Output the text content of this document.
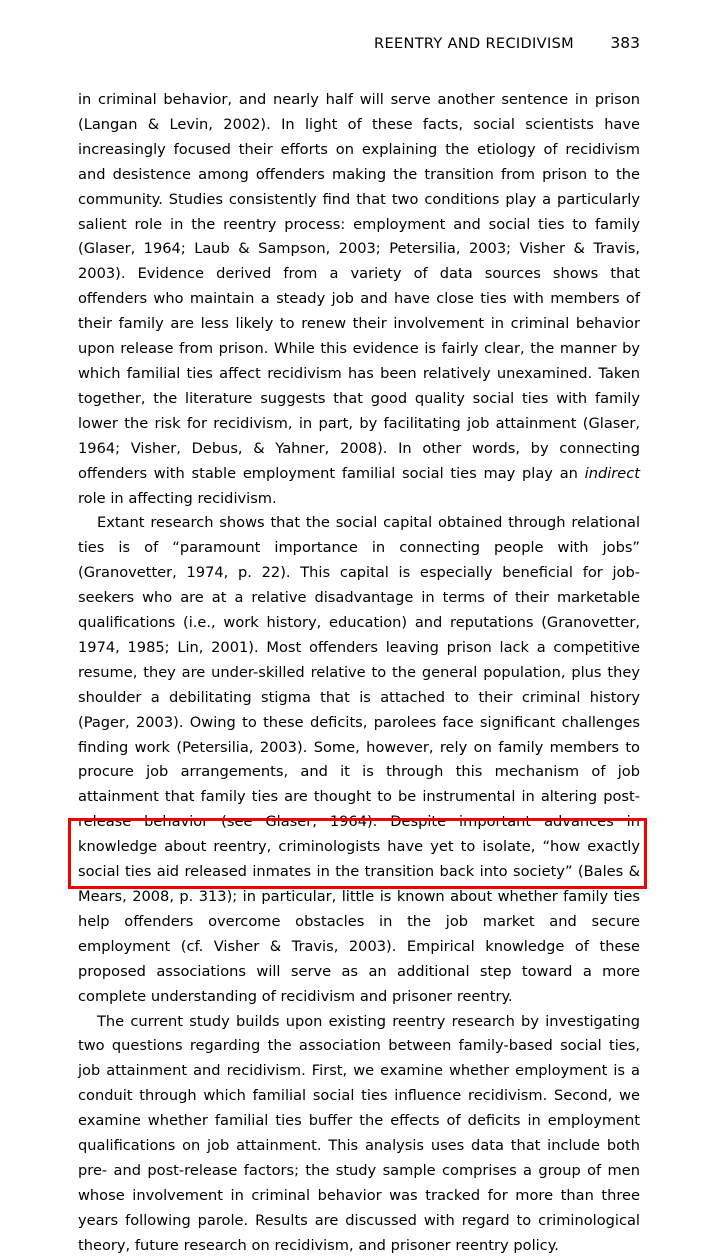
REENTRY AND RECIDIVISM 383

in criminal behavior, and nearly half will serve another sentence in prison (Langan & Levin, 2002). In light of these facts, social scientists have increasingly focused their efforts on explaining the etiology of recidivism and desistence among offenders making the transition from prison to the community. Studies consistently find that two conditions play a particularly salient role in the reentry process: employment and social ties to family (Glaser, 1964; Laub & Sampson, 2003; Petersilia, 2003; Visher & Travis, 2003). Evidence derived from a variety of data sources shows that offenders who maintain a steady job and have close ties with members of their family are less likely to renew their involvement in criminal behavior upon release from prison. While this evidence is fairly clear, the manner by which familial ties affect recidivism has been relatively unexamined. Taken together, the literature suggests that good quality social ties with family lower the risk for recidivism, in part, by facilitating job attainment (Glaser, 1964; Visher, Debus, & Yahner, 2008). In other words, by connecting offenders with stable employment familial social ties may play an indirect role in affecting recidivism.

Extant research shows that the social capital obtained through relational ties is of “paramount importance in connecting people with jobs” (Granovetter, 1974, p. 22). This capital is especially beneficial for job-seekers who are at a relative disadvantage in terms of their marketable qualifications (i.e., work history, education) and reputations (Granovetter, 1974, 1985; Lin, 2001). Most offenders leaving prison lack a competitive resume, they are under-skilled relative to the general population, plus they shoulder a debilitating stigma that is attached to their criminal history (Pager, 2003). Owing to these deficits, parolees face significant challenges finding work (Petersilia, 2003). Some, however, rely on family members to procure job arrangements, and it is through this mechanism of job attainment that family ties are thought to be instrumental in altering post-release behavior (see Glaser, 1964). Despite important advances in knowledge about reentry, criminologists have yet to isolate, “how exactly social ties aid released inmates in the transition back into society” (Bales & Mears, 2008, p. 313); in particular, little is known about whether family ties help offenders overcome obstacles in the job market and secure employment (cf. Visher & Travis, 2003). Empirical knowledge of these proposed associations will serve as an additional step toward a more complete understanding of recidivism and prisoner reentry.

The current study builds upon existing reentry research by investigating two questions regarding the association between family-based social ties, job attainment and recidivism. First, we examine whether employment is a conduit through which familial social ties influence recidivism. Second, we examine whether familial ties buffer the effects of deficits in employment qualifications on job attainment. This analysis uses data that include both pre- and post-release factors; the study sample comprises a group of men whose involvement in criminal behavior was tracked for more than three years following parole. Results are discussed with regard to criminological theory, future research on recidivism, and prisoner reentry policy.
